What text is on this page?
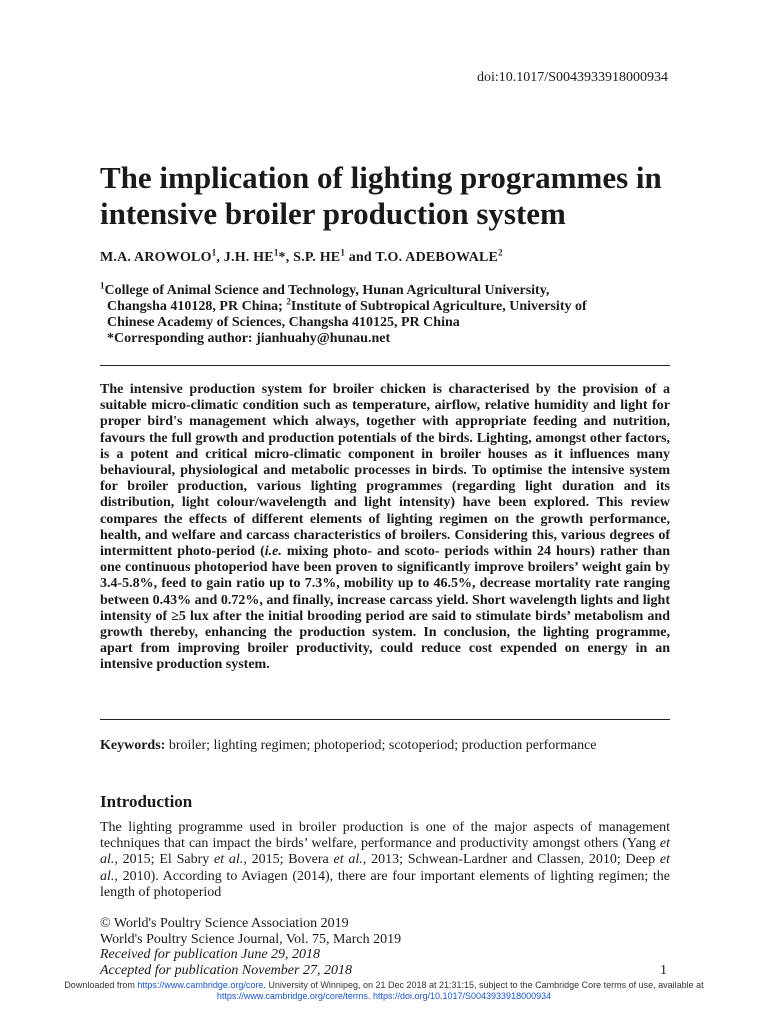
doi:10.1017/S0043933918000934
The implication of lighting programmes in intensive broiler production system
M.A. AROWOLO$^1$, J.H. $HE^1*$, S.P. $HE^1$ and T.O. ADEBOWALE$^2$
$^1$College of Animal Science and Technology, Hunan Agricultural University,
Changsha 410128, PR China; $^2$Institute of Subtropical Agriculture, University of
Chinese Academy of Sciences, Changsha 410125, PR China
*Corresponding author: jianhuahy@hunau.net

The intensive production system for broiler chicken is characterised by the provision of a suitable micro-climatic condition such as temperature, airflow, relative humidity and light for proper bird's management which always, together with appropriate feeding and nutrition, favours the full growth and production potentials of the birds. Lighting, amongst other factors, is a potent and critical micro-climatic component in broiler houses as it influences many behavioural, physiological and metabolic processes in birds. To optimise the intensive system for broiler production, various lighting programmes (regarding light duration and its distribution, light colour/wavelength and light intensity) have been explored. This review compares the effects of different elements of lighting regimen on the growth performance, health, and welfare and carcass characteristics of broilers. Considering this, various degrees of intermittent photo-period (i.e. mixing photo- and scoto- periods within 24 hours) rather than one continuous photoperiod have been proven to significantly improve broilers’ weight gain by 3.4-5.8%, feed to gain ratio up to 7.3%, mobility up to 46.5%, decrease mortality rate ranging between 0.43% and 0.72%, and finally, increase carcass yield. Short wavelength lights and light intensity of ≥5 lux after the initial brooding period are said to stimulate birds’ metabolism and growth thereby, enhancing the production system. In conclusion, the lighting programme, apart from improving broiler productivity, could reduce cost expended on energy in an intensive production system.

Keywords: broiler; lighting regimen; photoperiod; scotoperiod; production performance
Introduction

The lighting programme used in broiler production is one of the major aspects of management techniques that can impact the birds’ welfare, performance and productivity amongst others (Yang et al., 2015; El Sabry et al., 2015; Bovera et al., 2013; Schwean-Lardner and Classen, 2010; Deep et al., 2010). According to Aviagen (2014), there are four important elements of lighting regimen; the length of photoperiod

© World's Poultry Science Association 2019
World's Poultry Science Journal, Vol. 75, March 2019
Received for publication June 29, 2018
Accepted for publication November 27, 2018	1
Downloaded from https://www.cambridge.org/core. University of Winnipeg, on 21 Dec 2018 at 21:31:15, subject to the Cambridge Core terms of use, available at
https://www.cambridge.org/core/terms. https://doi.org/10.1017/S0043933918000934
